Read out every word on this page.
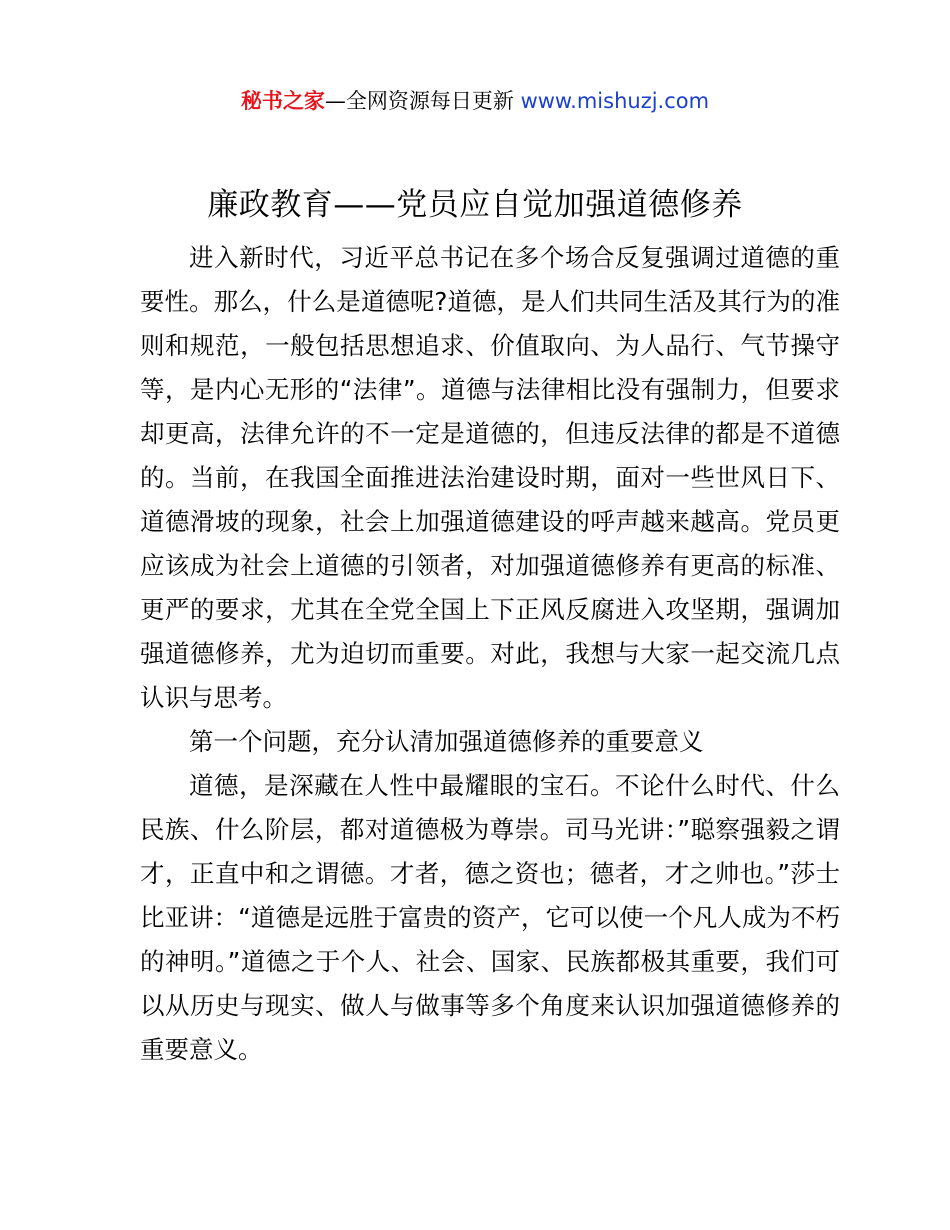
秘书之家—全网资源每日更新 www.mishuzj.com
廉政教育——党员应自觉加强道德修养

进入新时代，习近平总书记在多个场合反复强调过道德的重要性。那么，什么是道德呢?道德，是人们共同生活及其行为的准则和规范，一般包括思想追求、价值取向、为人品行、气节操守等，是内心无形的“法律”。道德与法律相比没有强制力，但要求却更高，法律允许的不一定是道德的，但违反法律的都是不道德的。当前，在我国全面推进法治建设时期，面对一些世风日下、道德滑坡的现象，社会上加强道德建设的呼声越来越高。党员更应该成为社会上道德的引领者，对加强道德修养有更高的标准、更严的要求，尤其在全党全国上下正风反腐进入攻坚期，强调加强道德修养，尤为迫切而重要。对此，我想与大家一起交流几点认识与思考。

第一个问题，充分认清加强道德修养的重要意义

道德，是深藏在人性中最耀眼的宝石。不论什么时代、什么民族、什么阶层，都对道德极为尊崇。司马光讲：”聪察强毅之谓才，正直中和之谓德。才者，德之资也；德者，才之帅也。”莎士比亚讲：“道德是远胜于富贵的资产，它可以使一个凡人成为不朽的神明。”道德之于个人、社会、国家、民族都极其重要，我们可以从历史与现实、做人与做事等多个角度来认识加强道德修养的重要意义。
